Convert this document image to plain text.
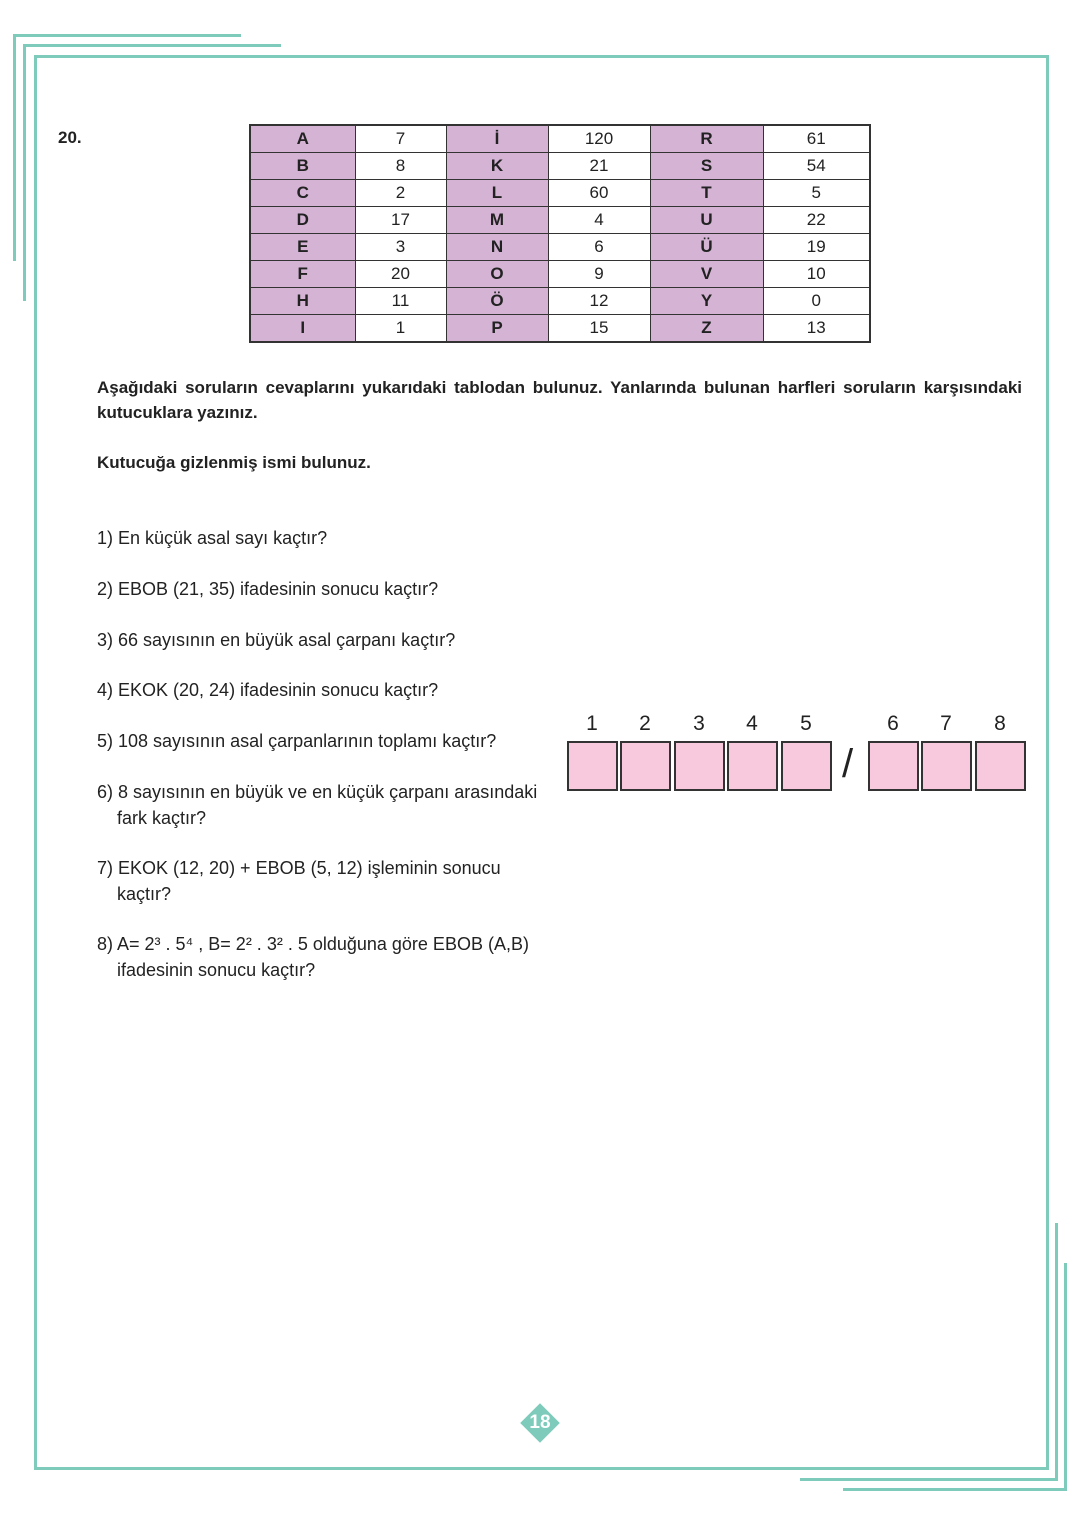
20.	A	7	İ	120	R	61
B	8	K	21	S	54
C	2	L	60	T	5
D	17	M	4	U	22
E	3	N	6	Ü	19
F	20	O	9	V	10
H	11	Ö	12	Y	0
I	1	P	15	Z	13
Aşağıdaki soruların cevaplarını yukarıdaki tablodan bulunuz. Yanlarında bulunan harfleri soruların karşısındaki kutucuklara yazınız.
Kutucuğa gizlenmiş ismi bulunuz.
1) En küçük asal sayı kaçtır?
2) EBOB (21, 35) ifadesinin sonucu kaçtır?
3) 66 sayısının en büyük asal çarpanı kaçtır?
4) EKOK (20, 24) ifadesinin sonucu kaçtır?
5) 108 sayısının asal çarpanlarının toplamı kaçtır?
6) 8 sayısının en büyük ve en küçük çarpanı arasındaki
fark kaçtır?
7) EKOK (12, 20) + EBOB (5, 12) işleminin sonucu
kaçtır?
8) A= 2³ . 5⁴ , B= 2² . 3² . 5 olduğuna göre EBOB (A,B)
ifadesinin sonucu kaçtır?
1	2	3	4	5	6	7	8
/
18
